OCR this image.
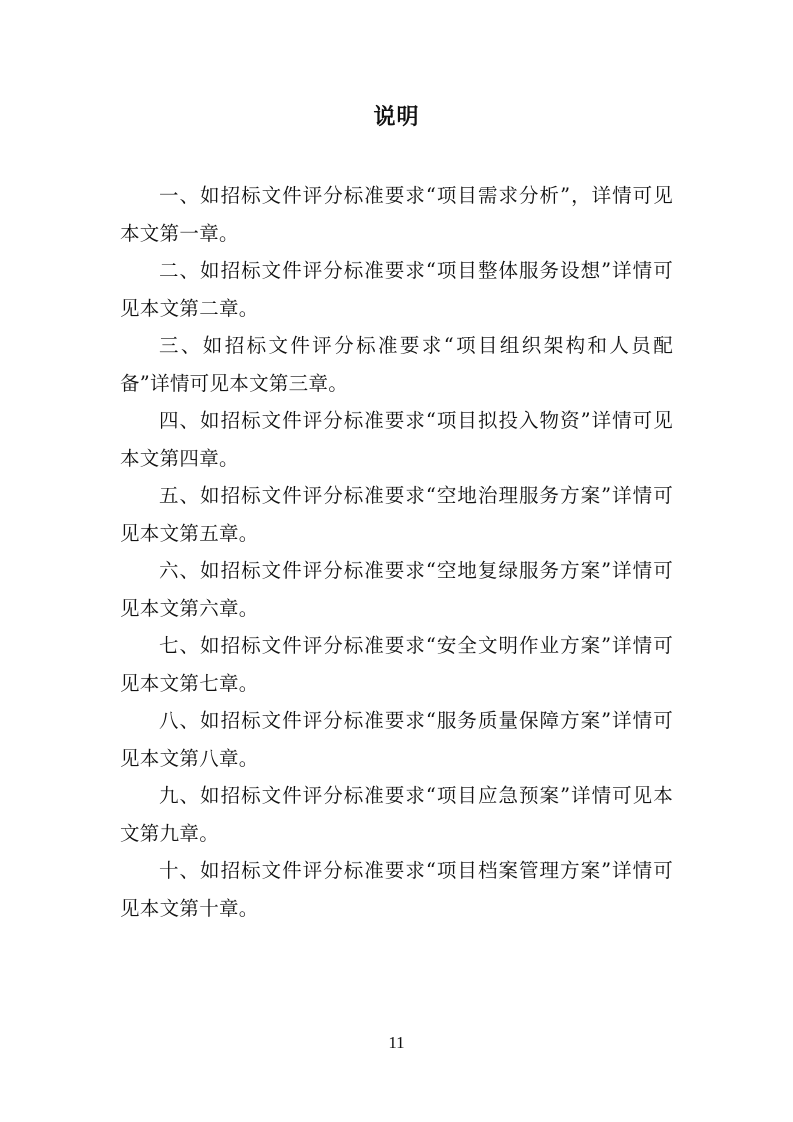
说明

一、如招标文件评分标准要求“项目需求分析”，详情可见本文第一章。

二、如招标文件评分标准要求“项目整体服务设想”详情可见本文第二章。

三、如招标文件评分标准要求“项目组织架构和人员配备”详情可见本文第三章。

四、如招标文件评分标准要求“项目拟投入物资”详情可见本文第四章。

五、如招标文件评分标准要求“空地治理服务方案”详情可见本文第五章。

六、如招标文件评分标准要求“空地复绿服务方案”详情可见本文第六章。

七、如招标文件评分标准要求“安全文明作业方案”详情可见本文第七章。

八、如招标文件评分标准要求“服务质量保障方案”详情可见本文第八章。

九、如招标文件评分标准要求“项目应急预案”详情可见本文第九章。

十、如招标文件评分标准要求“项目档案管理方案”详情可见本文第十章。

11
